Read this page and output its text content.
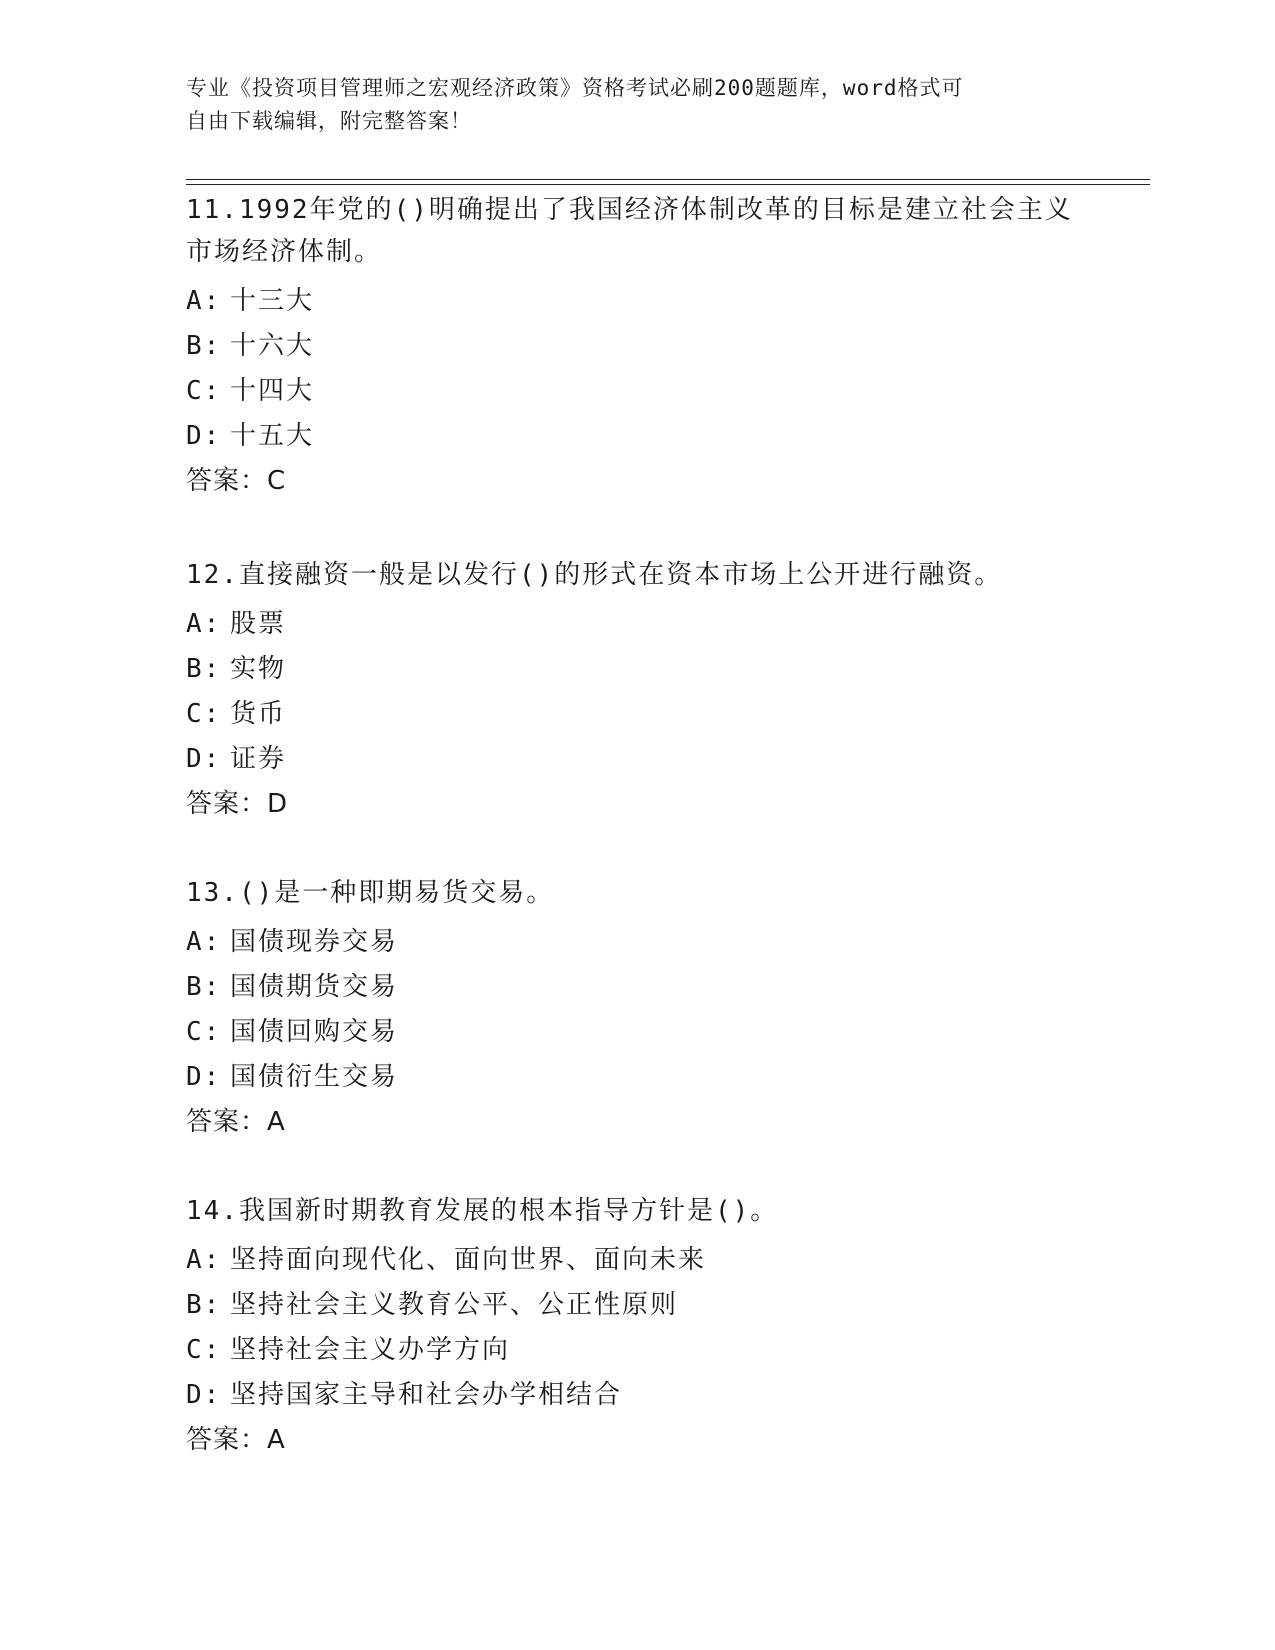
专业《投资项目管理师之宏观经济政策》资格考试必刷200题题库，word格式可
自由下载编辑，附完整答案！
11.1992年党的()明确提出了我国经济体制改革的目标是建立社会主义
市场经济体制。
A: 十三大
B: 十六大
C: 十四大
D: 十五大
答案：C
12.直接融资一般是以发行()的形式在资本市场上公开进行融资。
A: 股票
B: 实物
C: 货币
D: 证券
答案：D
13.()是一种即期易货交易。
A: 国债现券交易
B: 国债期货交易
C: 国债回购交易
D: 国债衍生交易
答案：A
14.我国新时期教育发展的根本指导方针是()。
A: 坚持面向现代化、面向世界、面向未来
B: 坚持社会主义教育公平、公正性原则
C: 坚持社会主义办学方向
D: 坚持国家主导和社会办学相结合
答案：A
